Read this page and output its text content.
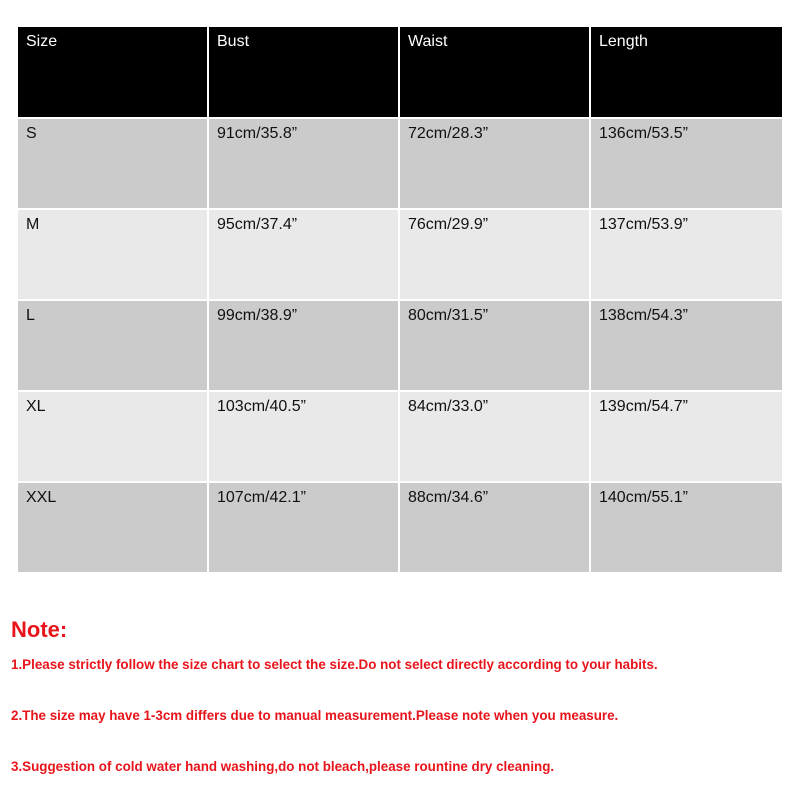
Size	Bust	Waist	Length
S	91cm/35.8”	72cm/28.3”	136cm/53.5”
M	95cm/37.4”	76cm/29.9”	137cm/53.9”
L	99cm/38.9”	80cm/31.5”	138cm/54.3”
XL	103cm/40.5”	84cm/33.0”	139cm/54.7”
XXL	107cm/42.1”	88cm/34.6”	140cm/55.1”

Note:

1.Please strictly follow the size chart to select the size.Do not select directly according to your habits.

2.The size may have 1-3cm differs due to manual measurement.Please note when you measure.

3.Suggestion of cold water hand washing,do not bleach,please rountine dry cleaning.
